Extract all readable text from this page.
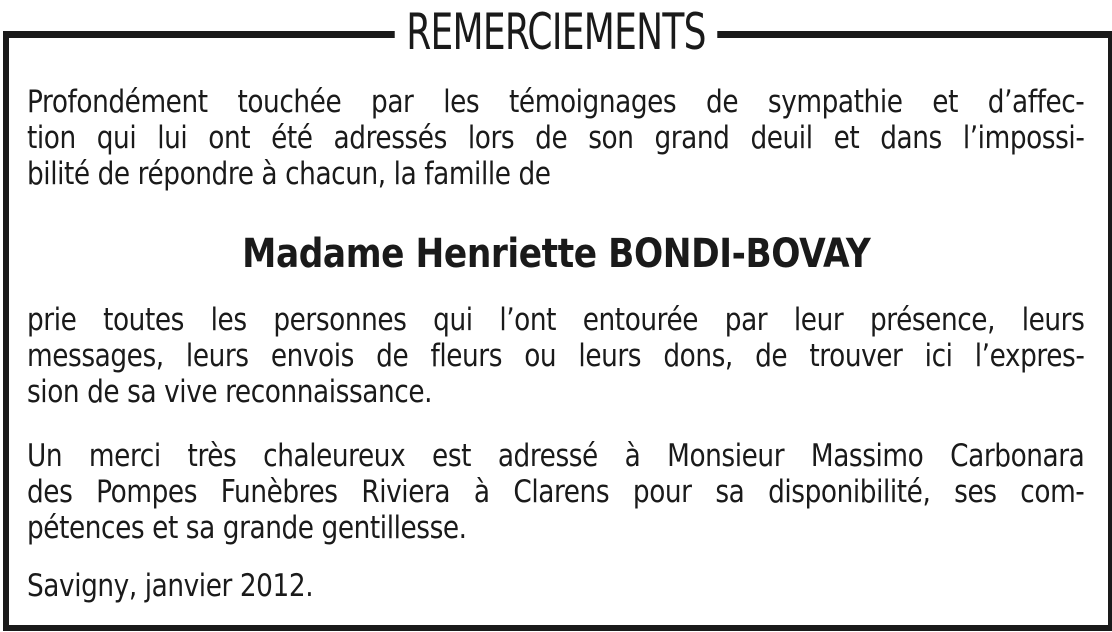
REMERCIEMENTS
Profondément touchée par les témoignages de sympathie et d’affec-
tion qui lui ont été adressés lors de son grand deuil et dans l’impossi-
bilité de répondre à chacun, la famille de
Madame Henriette BONDI-BOVAY
prie toutes les personnes qui l’ont entourée par leur présence, leurs
messages, leurs envois de fleurs ou leurs dons, de trouver ici l’expres-
sion de sa vive reconnaissance.
Un merci très chaleureux est adressé à Monsieur Massimo Carbonara
des Pompes Funèbres Riviera à Clarens pour sa disponibilité, ses com-
pétences et sa grande gentillesse.
Savigny, janvier 2012.
